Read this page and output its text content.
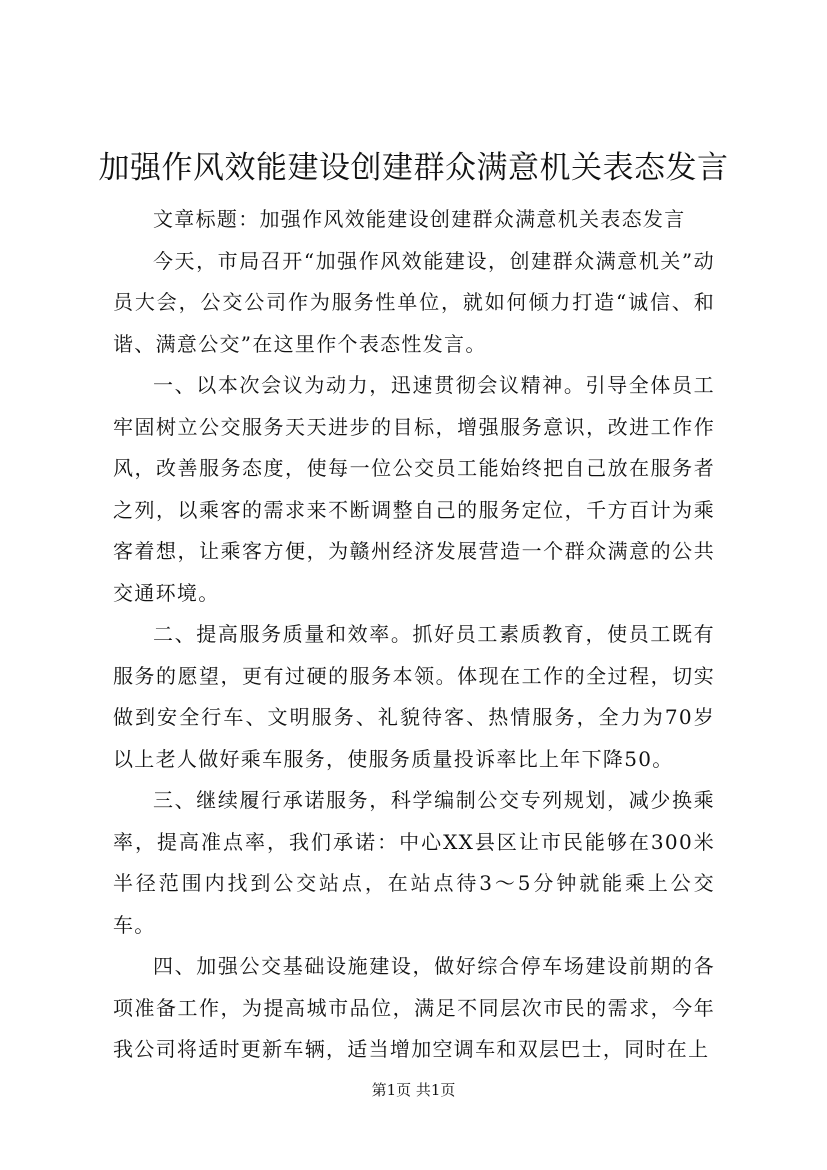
加强作风效能建设创建群众满意机关表态发言

文章标题：加强作风效能建设创建群众满意机关表态发言

今天，市局召开“加强作风效能建设，创建群众满意机关”动员大会，公交公司作为服务性单位，就如何倾力打造“诚信、和谐、满意公交”在这里作个表态性发言。

一、以本次会议为动力，迅速贯彻会议精神。引导全体员工牢固树立公交服务天天进步的目标，增强服务意识，改进工作作风，改善服务态度，使每一位公交员工能始终把自己放在服务者之列，以乘客的需求来不断调整自己的服务定位，千方百计为乘客着想，让乘客方便，为赣州经济发展营造一个群众满意的公共交通环境。

二、提高服务质量和效率。抓好员工素质教育，使员工既有服务的愿望，更有过硬的服务本领。体现在工作的全过程，切实做到安全行车、文明服务、礼貌待客、热情服务，全力为70岁以上老人做好乘车服务，使服务质量投诉率比上年下降50。

三、继续履行承诺服务，科学编制公交专列规划，减少换乘率，提高准点率，我们承诺：中心XX县区让市民能够在300米半径范围内找到公交站点，在站点待3～5分钟就能乘上公交车。

四、加强公交基础设施建设，做好综合停车场建设前期的各项准备工作，为提高城市品位，满足不同层次市民的需求，今年我公司将适时更新车辆，适当增加空调车和双层巴士，同时在上

第1页 共1页
